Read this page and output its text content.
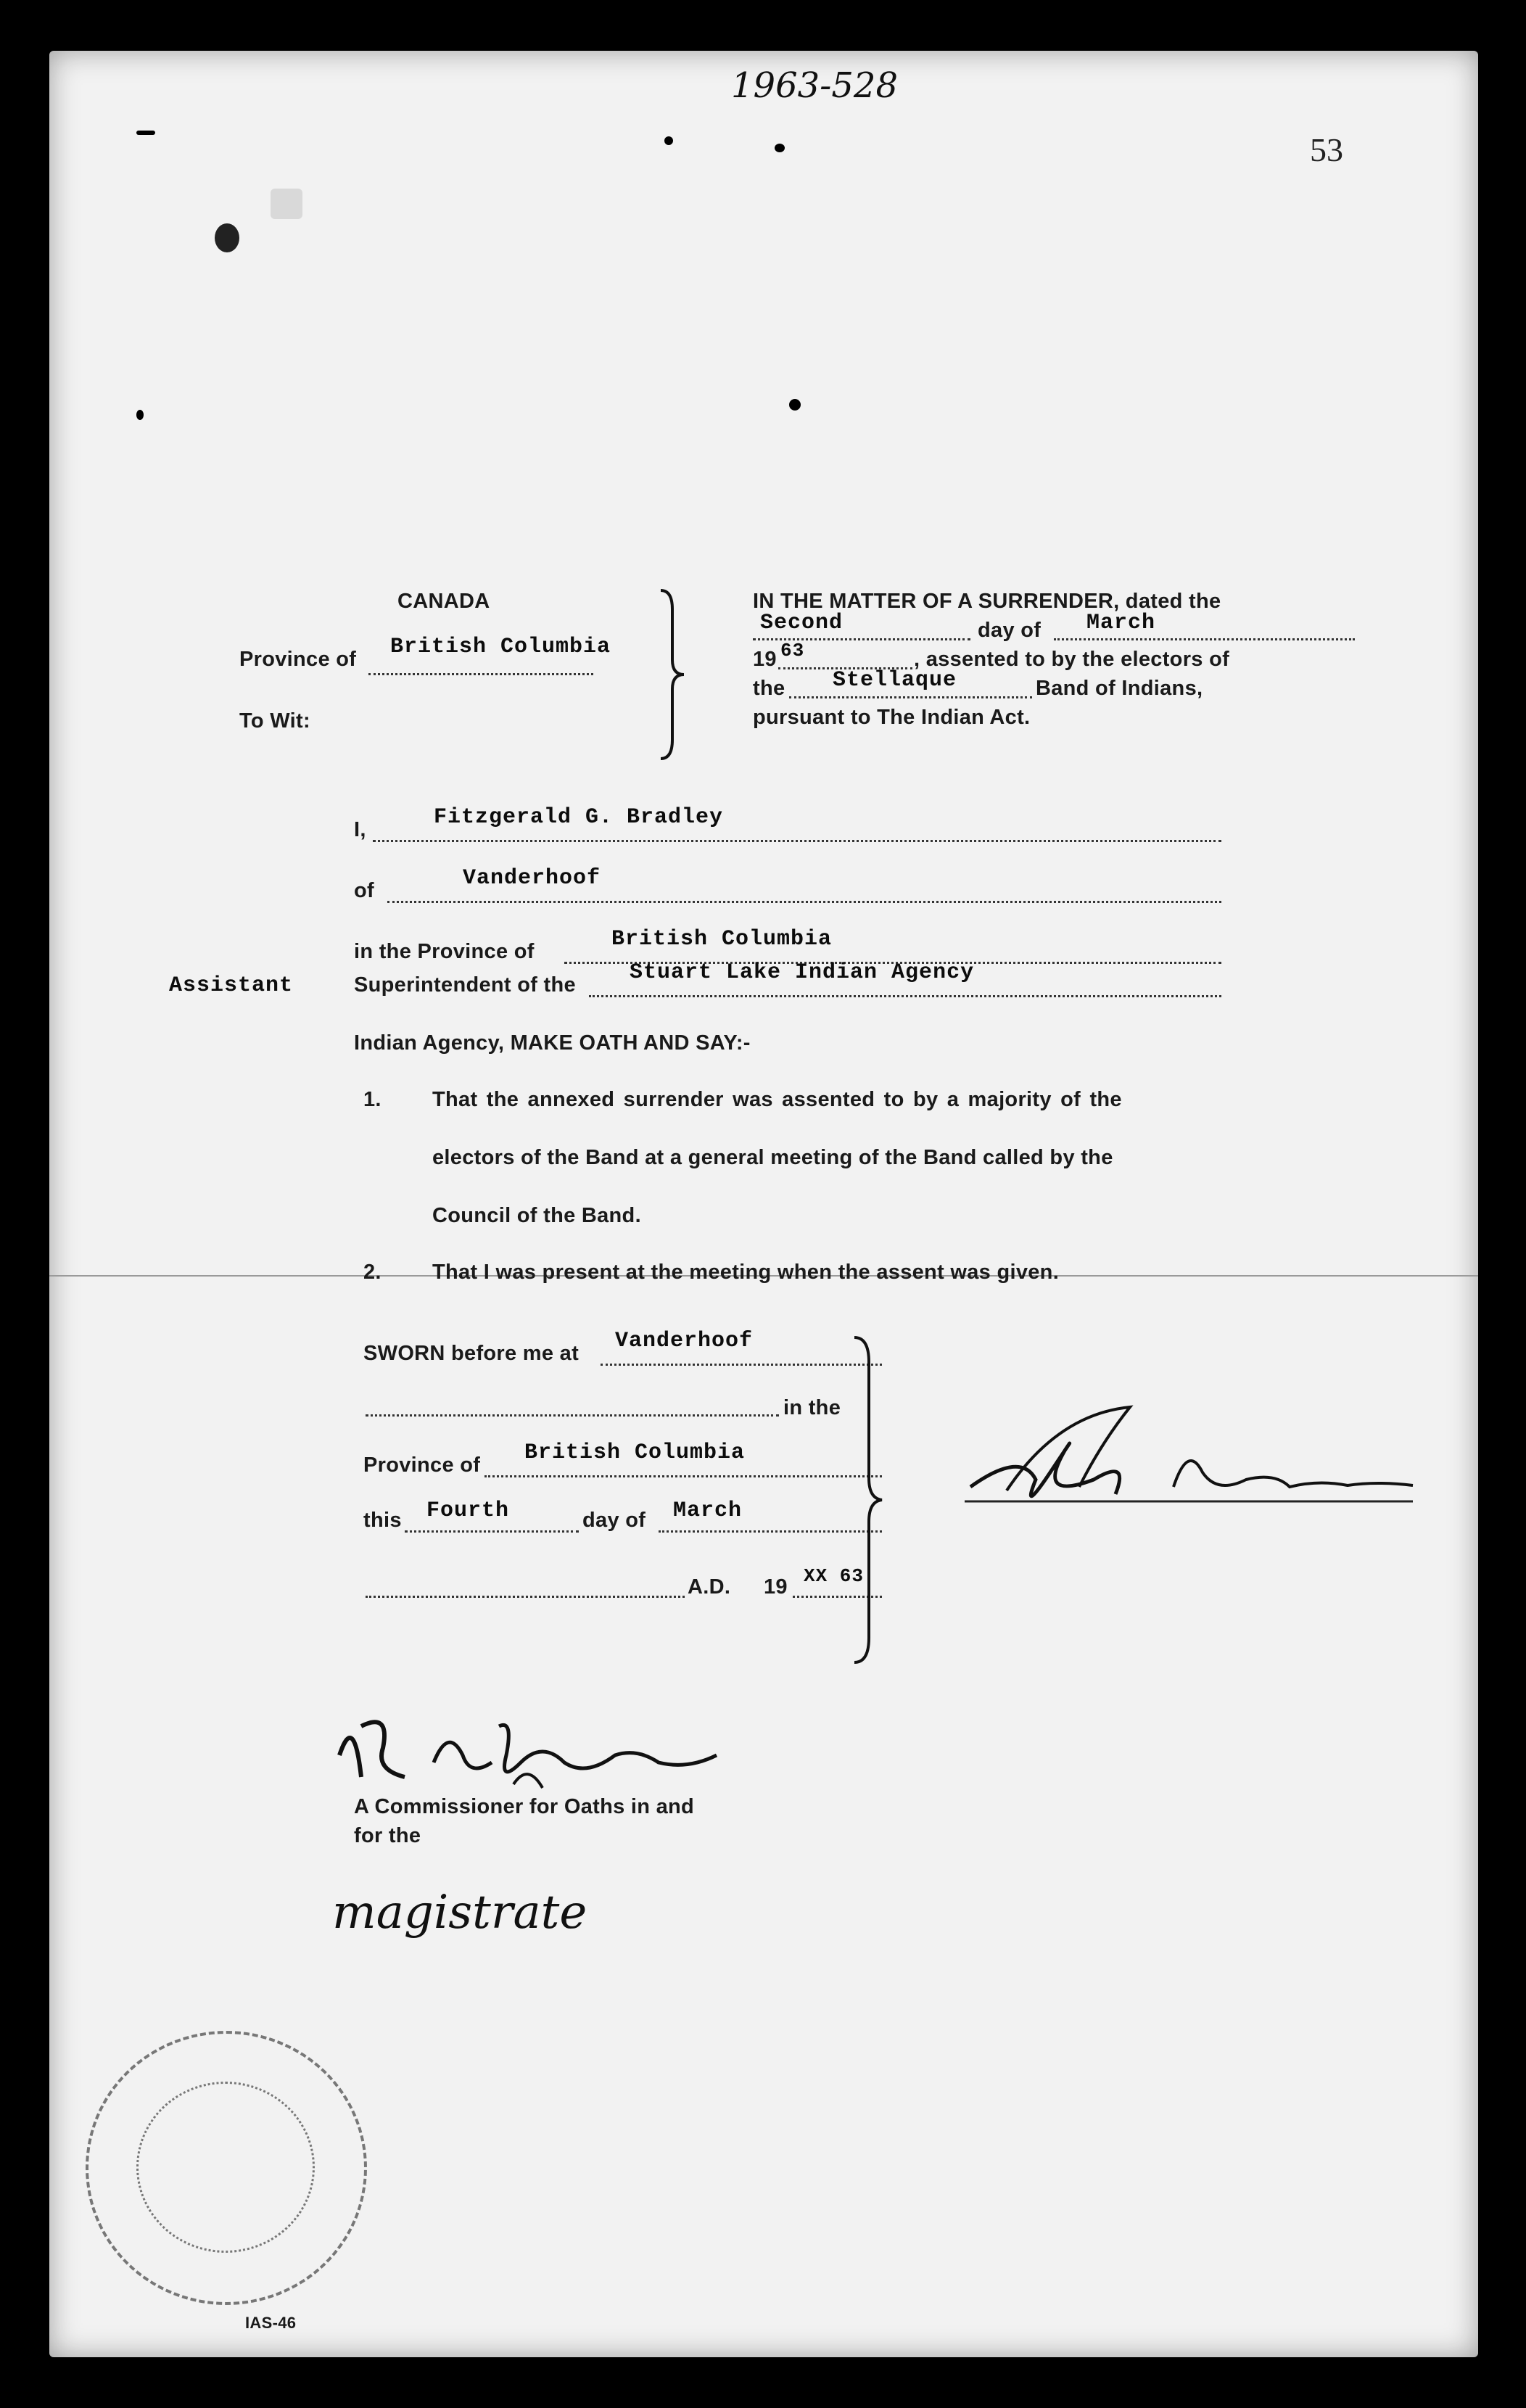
1963-528
53
CANADA
Province of British Columbia
To Wit:
IN THE MATTER OF A SURRENDER, dated the
Second	day of March
19 63	, assented to by the electors of
the Stellaque	Band of Indians,
pursuant to The Indian Act.
I,	Fitzgerald G. Bradley
of	Vanderhoof
in the Province of	British Columbia
Assistant	Superintendent of the Stuart Lake Indian Agency
Indian Agency, MAKE OATH AND SAY:-
1. That the annexed surrender was assented to by a majority of the
electors of the Band at a general meeting of the Band called by the
Council of the Band.
2. That I was present at the meeting when the assent was given.
SWORN before me at Vanderhoof
in the
Province of British Columbia
this Fourth	day of March
A.D. 19 XX 63
A Commissioner for Oaths in and
for the
magistrate
IAS-46
